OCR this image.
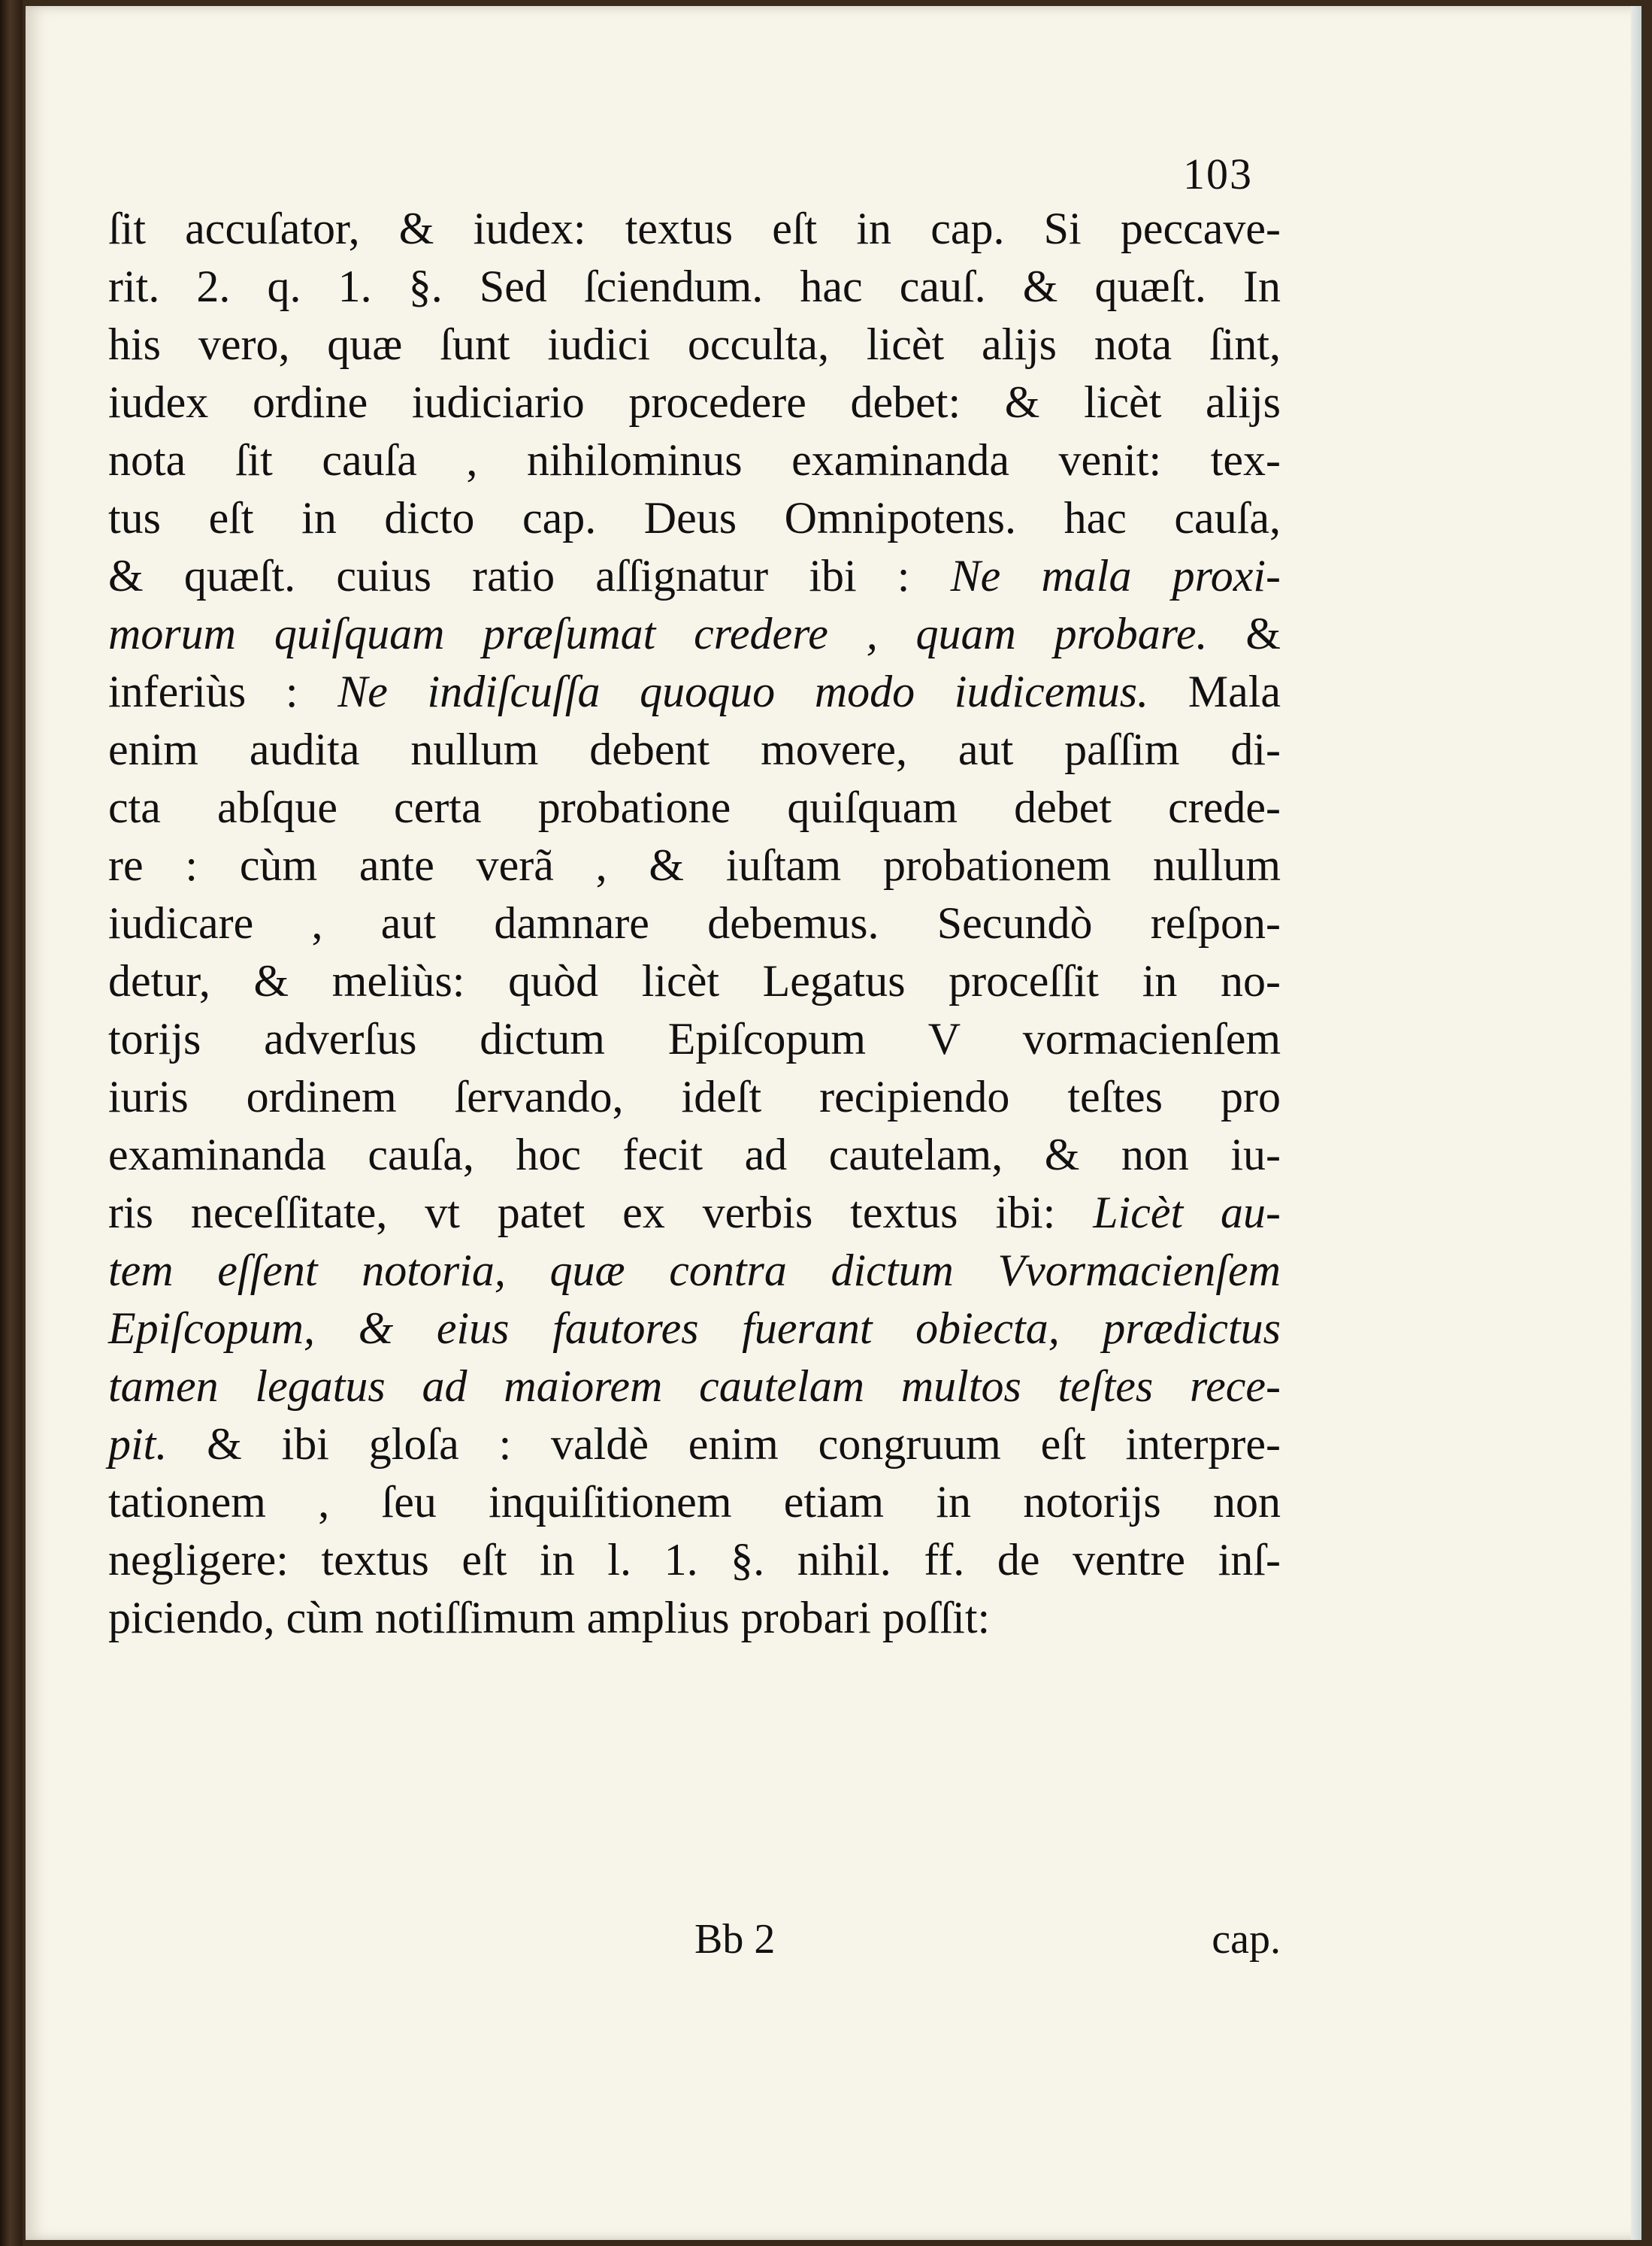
103
ſit accuſator, & iudex: textus eſt in cap. Si peccave-
rit. 2. q. 1. §. Sed ſciendum. hac cauſ. & quæſt. In
his vero, quæ ſunt iudici occulta, licèt alijs nota ſint,
iudex ordine iudiciario procedere debet: & licèt alijs
nota ſit cauſa , nihilominus examinanda venit: tex-
tus eſt in dicto cap. Deus Omnipotens. hac cauſa,
& quæſt. cuius ratio aſſignatur ibi : Ne mala proxi-
morum quiſquam præſumat credere , quam probare. &
inferiùs : Ne indiſcuſſa quoquo modo iudicemus. Mala
enim audita nullum debent movere, aut paſſim di-
cta abſque certa probatione quiſquam debet crede-
re : cùm ante verã , & iuſtam probationem nullum
iudicare , aut damnare debemus. Secundò reſpon-
detur, & meliùs: quòd licèt Legatus proceſſit in no-
torijs adverſus dictum Epiſcopum V vormacienſem
iuris ordinem ſervando, ideſt recipiendo teſtes pro
examinanda cauſa, hoc fecit ad cautelam, & non iu-
ris neceſſitate, vt patet ex verbis textus ibi: Licèt au-
tem eſſent notoria, quæ contra dictum Vvormacienſem
Epiſcopum, & eius fautores fuerant obiecta, prædictus
tamen legatus ad maiorem cautelam multos teſtes rece-
pit. & ibi gloſa : valdè enim congruum eſt interpre-
tationem , ſeu inquiſitionem etiam in notorijs non
negligere: textus eſt in l. 1. §. nihil. ff. de ventre inſ-
piciendo, cùm notiſſimum amplius probari poſſit:
Bb 2	cap.
